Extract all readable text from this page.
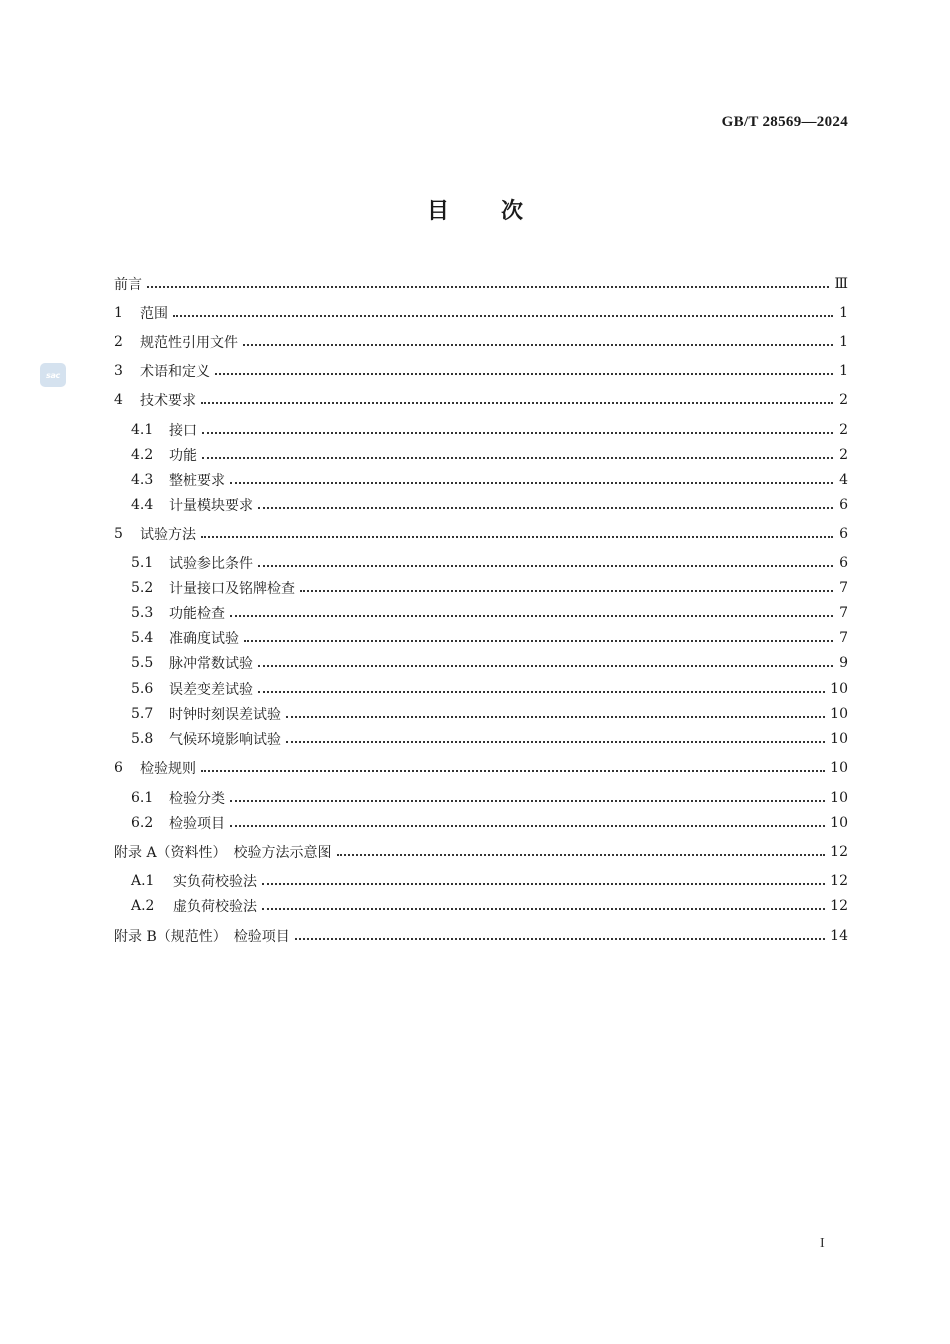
GB/T 28569—2024
目 次
sac
前言	Ⅲ
1	范围	1
2	规范性引用文件	1
3	术语和定义	1
4	技术要求	2
4.1	接口	2
4.2	功能	2
4.3	整桩要求	4
4.4	计量模块要求	6
5	试验方法	6
5.1	试验参比条件	6
5.2	计量接口及铭牌检查	7
5.3	功能检查	7
5.4	准确度试验	7
5.5	脉冲常数试验	9
5.6	误差变差试验	10
5.7	时钟时刻误差试验	10
5.8	气候环境影响试验	10
6	检验规则	10
6.1	检验分类	10
6.2	检验项目	10
附录 A（资料性）　校验方法示意图	12
A.1	实负荷校验法	12
A.2	虚负荷校验法	12
附录 B（规范性）　检验项目	14
I
